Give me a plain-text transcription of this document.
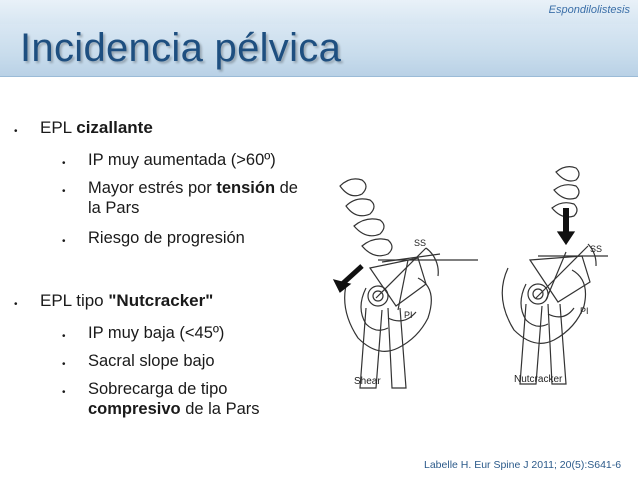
Espondilolistesis
Incidencia pélvica
• EPL cizallante
• IP muy aumentada (>60º)
• Mayor estrés por tensión de
la Pars
• Riesgo de progresión
• EPL tipo "Nutcracker"
• IP muy baja (<45º)
• Sacral slope bajo
• Sobrecarga de tipo
compresivo de la Pars
SS
PI
Shear
SS
PI
Nutcracker
Labelle H. Eur Spine J 2011; 20(5):S641-6
